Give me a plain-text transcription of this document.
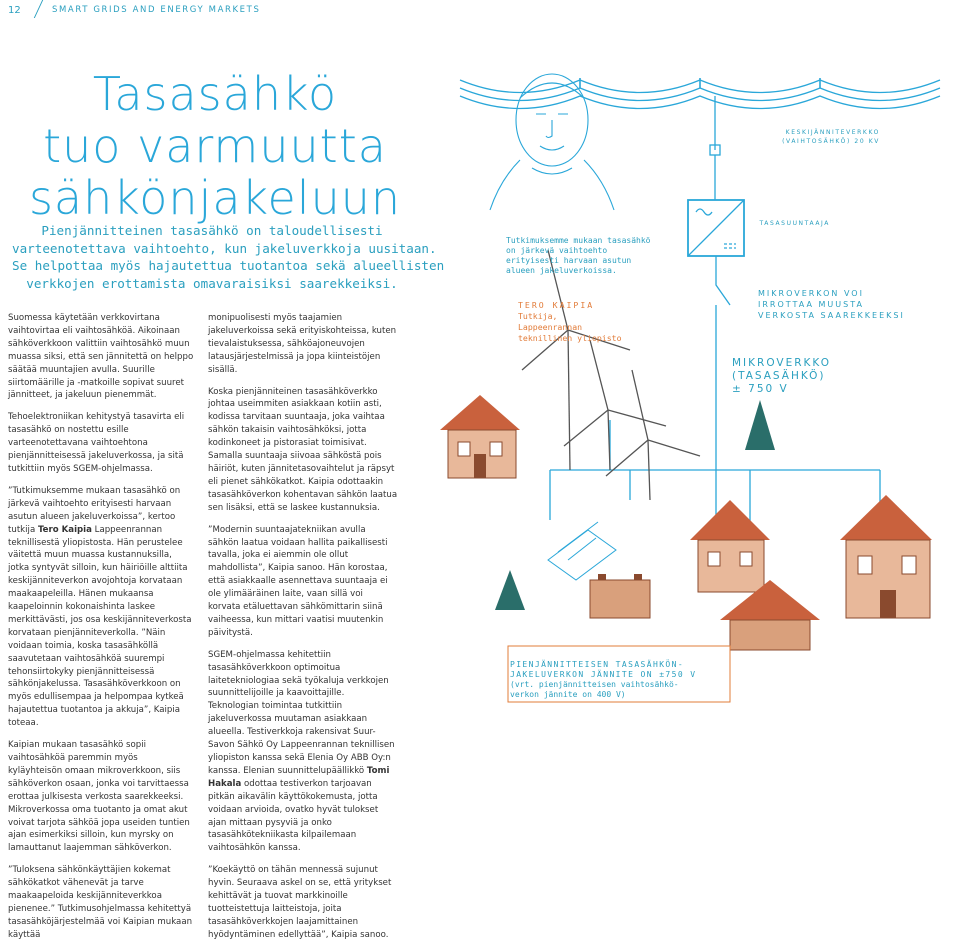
12	SMART GRIDS AND ENERGY MARKETS
Tasasähkö
tuo varmuutta
sähkönjakeluun
Pienjännitteinen tasasähkö on taloudellisesti
varteenotettava vaihtoehto, kun jakeluverkkoja uusitaan.
Se helpottaa myös hajautettua tuotantoa sekä alueellisten
verkkojen erottamista omavaraisiksi saarekkeiksi.

Suomessa käytetään verkkovirtana vaihtovirtaa eli vaihtosähköä. Aikoinaan sähköverkkoon valittiin vaihtosähkö muun muassa siksi, että sen jännitettä on helppo säätää muuntajien avulla. Suurille siirtomäärille ja -matkoille sopivat suuret jännitteet, ja jakeluun pienemmät.

Tehoelektroniikan kehitystyä tasavirta eli tasasähkö on nostettu esille varteenotettavana vaihtoehtona pienjännitteisessä jakeluverkossa, ja sitä tutkittiin myös SGEM-ohjelmassa.

”Tutkimuksemme mukaan tasasähkö on järkevä vaihtoehto erityisesti harvaan asutun alueen jakeluverkoissa”, kertoo tutkija Tero Kaipia Lappeenrannan teknillisestä yliopistosta. Hän perustelee väitettä muun muassa kustannuksilla, jotka syntyvät silloin, kun häiriöille alttiita keskijänniteverkon avojohtoja korvataan maakaapeleilla. Hänen mukaansa kaapeloinnin kokonaishinta laskee merkittävästi, jos osa keskijänniteverkosta korvataan pienjänniteverkolla. ”Näin voidaan toimia, koska tasasähköllä saavutetaan vaihtosähköä suurempi tehonsiirtokyky pienjännitteisessä sähkönjakelussa. Tasasähköverkkoon on myös edullisempaa ja helpompaa kytkeä hajautettua tuotantoa ja akkuja”, Kaipia toteaa.

Kaipian mukaan tasasähkö sopii vaihtosähköä paremmin myös kyläyhteisön omaan mikroverkkoon, siis sähköverkon osaan, jonka voi tarvittaessa erottaa julkisesta verkosta saarekkeeksi. Mikroverkossa oma tuotanto ja omat akut voivat tarjota sähköä jopa useiden tuntien ajan esimerkiksi silloin, kun myrsky on lamauttanut laajemman sähköverkon.

”Tuloksena sähkönkäyttäjien kokemat sähkökatkot vähenevät ja tarve maakaapeloida keskijänniteverkkoa pienenee.” Tutkimusohjelmassa kehitettyä tasasähköjärjestelmää voi Kaipian mukaan käyttää

monipuolisesti myös taajamien jakeluverkoissa sekä erityiskohteissa, kuten tievalaistuksessa, sähköajoneuvojen latausjärjestelmissä ja jopa kiinteistöjen sisällä.

Koska pienjänniteinen tasasähköverkko johtaa useimmiten asiakkaan kotiin asti, kodissa tarvitaan suuntaaja, joka vaihtaa sähkön takaisin vaihtosähköksi, jotta kodinkoneet ja pistorasiat toimisivat. Samalla suuntaaja siivoaa sähköstä pois häiriöt, kuten jännitetasovaihtelut ja räpsyt eli pienet sähkökatkot. Kaipia odottaakin tasasähköverkon kohentavan sähkön laatua sen lisäksi, että se laskee kustannuksia.

”Modernin suuntaajatekniikan avulla sähkön laatua voidaan hallita paikallisesti tavalla, joka ei aiemmin ole ollut mahdollista”, Kaipia sanoo. Hän korostaa, että asiakkaalle asennettava suuntaaja ei ole ylimääräinen laite, vaan sillä voi korvata etäluettavan sähkömittarin siinä vaiheessa, kun mittari vaatisi muutenkin päivitystä.

SGEM-ohjelmassa kehitettiin tasasähköverkkoon optimoitua laitetekniologiaa sekä työkaluja verkkojen suunnittelijoille ja kaavoittajille. Teknologian toimintaa tutkittiin jakeluverkossa muutaman asiakkaan alueella. Testiverkkoja rakensivat Suur-Savon Sähkö Oy Lappeenrannan teknillisen yliopiston kanssa sekä Elenia Oy ABB Oy:n kanssa. Elenian suunnittelupäällikkö Tomi Hakala odottaa testiverkon tarjoavan pitkän aikavälin käyttökokemusta, jotta voidaan arvioida, ovatko hyvät tulokset ajan mittaan pysyviä ja onko tasasähkötekniikasta kilpailemaan vaihtosähkön kanssa.

”Koekäyttö on tähän mennessä sujunut hyvin. Seuraava askel on se, että yritykset kehittävät ja tuovat markkinoille tuotteistettuja laitteistoja, joita tasasähköverkkojen laajamittainen hyödyntäminen edellyttää”, Kaipia sanoo.

Tutkimuksemme mukaan tasasähkö on järkevä vaihtoehto erityisesti harvaan asutun alueen jakeluverkoissa.
TERO KAIPIA
Tutkija,
Lappeenrannan
teknillinen yliopisto
KESKIJÄNNITEVERKKO
(VAIHTOSÄHKÖ) 20 KV
TASASUUNTAAJA
MIKROVERKON VOI
IRROTTAA MUUSTA
VERKOSTA SAAREKKEEKSI
MIKROVERKKO
(TASASÄHKÖ)
± 750 V
PIENJÄNNITTEISEN TASASÄHKÖN-
JAKELUVERKON JÄNNITE ON ±750 V
(vrt. pienjännitteisen vaihtosähkö-
verkon jännite on 400 V)
